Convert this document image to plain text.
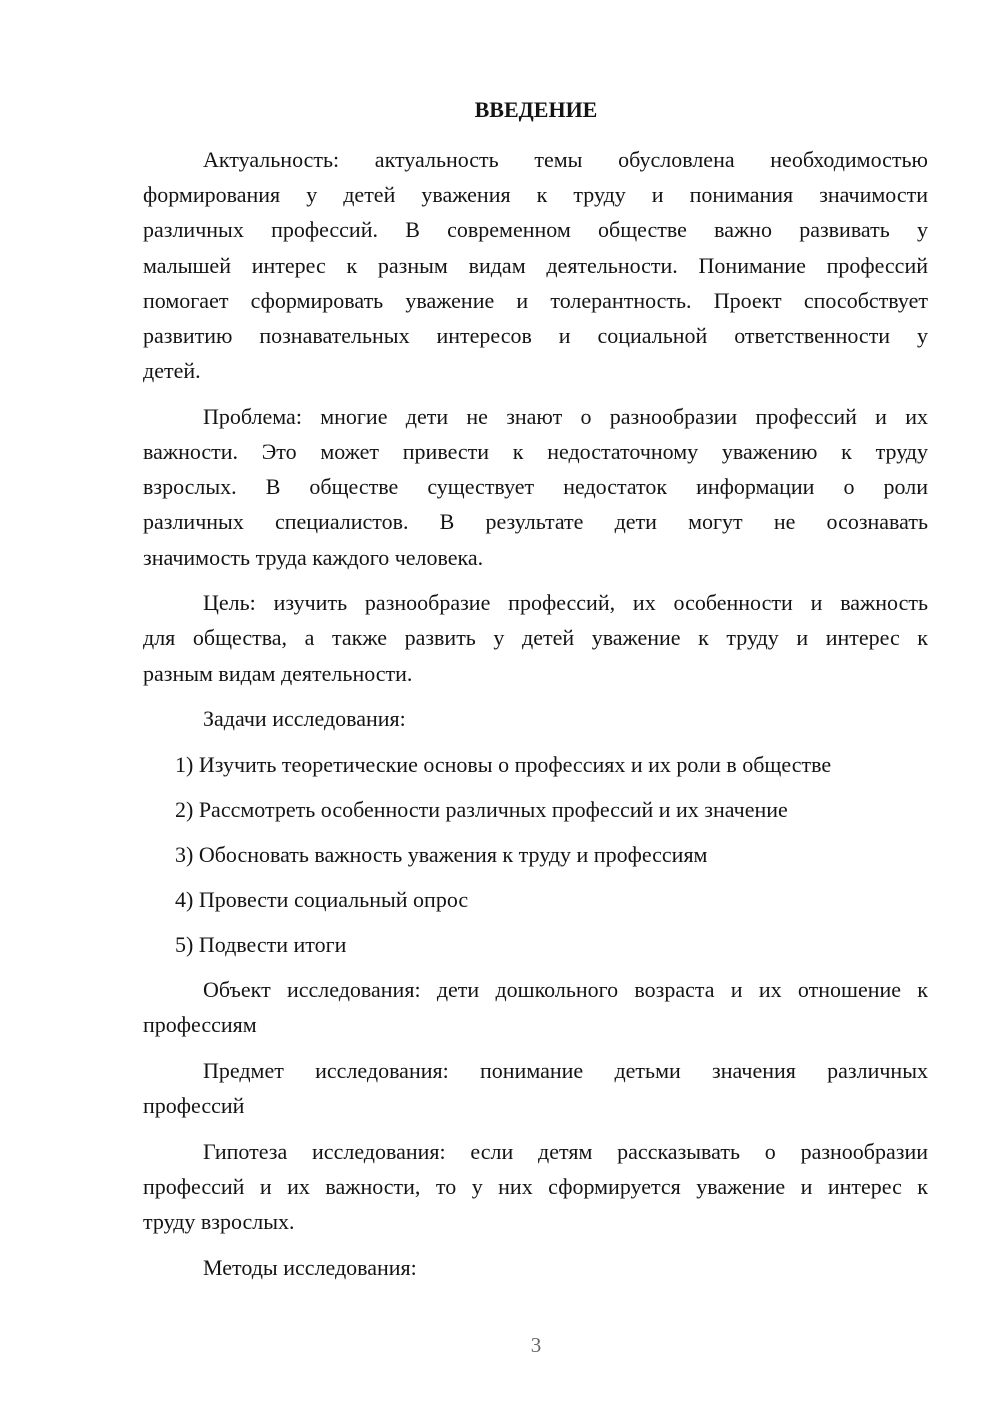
ВВЕДЕНИЕ
Актуальность: актуальность темы обусловлена необходимостью
формирования у детей уважения к труду и понимания значимости
различных профессий. В современном обществе важно развивать у
малышей интерес к разным видам деятельности. Понимание профессий
помогает сформировать уважение и толерантность. Проект способствует
развитию познавательных интересов и социальной ответственности у
детей.
Проблема: многие дети не знают о разнообразии профессий и их
важности. Это может привести к недостаточному уважению к труду
взрослых. В обществе существует недостаток информации о роли
различных специалистов. В результате дети могут не осознавать
значимость труда каждого человека.
Цель: изучить разнообразие профессий, их особенности и важность
для общества, а также развить у детей уважение к труду и интерес к
разным видам деятельности.
Задачи исследования:
1) Изучить теоретические основы о профессиях и их роли в обществе
2) Рассмотреть особенности различных профессий и их значение
3) Обосновать важность уважения к труду и профессиям
4) Провести социальный опрос
5) Подвести итоги
Объект исследования: дети дошкольного возраста и их отношение к
профессиям
Предмет исследования: понимание детьми значения различных
профессий
Гипотеза исследования: если детям рассказывать о разнообразии
профессий и их важности, то у них сформируется уважение и интерес к
труду взрослых.
Методы исследования:
3
